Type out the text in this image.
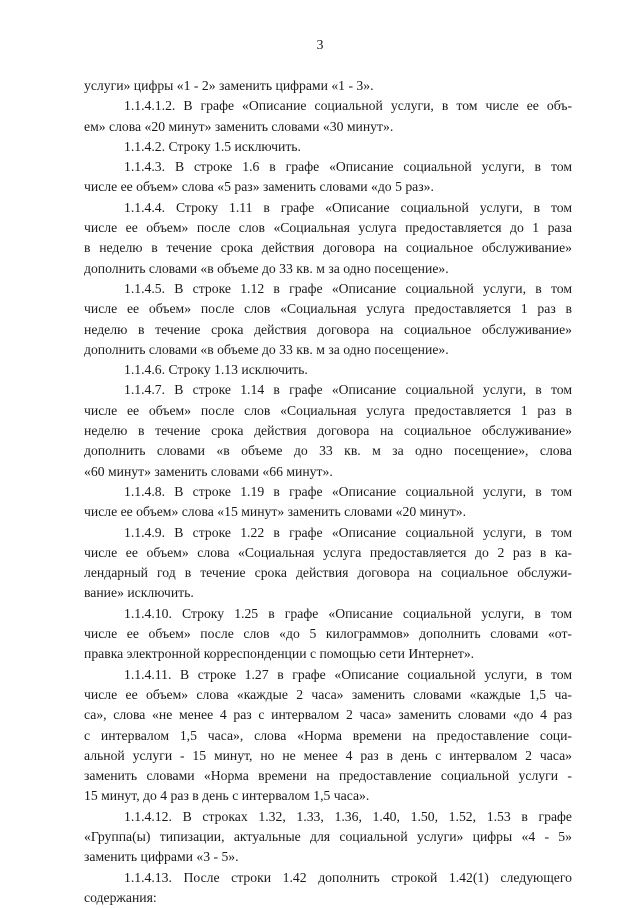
3

услуги» цифры «1 - 2» заменить цифрами «1 - 3».

1.1.4.1.2. В графе «Описание социальной услуги, в том числе ее объ-

ем» слова «20 минут» заменить словами «30 минут».

1.1.4.2. Строку 1.5 исключить.

1.1.4.3. В строке 1.6 в графе «Описание социальной услуги, в том

числе ее объем» слова «5 раз» заменить словами «до 5 раз».

1.1.4.4. Строку 1.11 в графе «Описание социальной услуги, в том

числе ее объем» после слов «Социальная услуга предоставляется до 1 раза

в неделю в течение срока действия договора на социальное обслуживание»

дополнить словами «в объеме до 33 кв. м за одно посещение».

1.1.4.5. В строке 1.12 в графе «Описание социальной услуги, в том

числе ее объем» после слов «Социальная услуга предоставляется 1 раз в

неделю в течение срока действия договора на социальное обслуживание»

дополнить словами «в объеме до 33 кв. м за одно посещение».

1.1.4.6. Строку 1.13 исключить.

1.1.4.7. В строке 1.14 в графе «Описание социальной услуги, в том

числе ее объем» после слов «Социальная услуга предоставляется 1 раз в

неделю в течение срока действия договора на социальное обслуживание»

дополнить словами «в объеме до 33 кв. м за одно посещение», слова

«60 минут» заменить словами «66 минут».

1.1.4.8. В строке 1.19 в графе «Описание социальной услуги, в том

числе ее объем» слова «15 минут» заменить словами «20 минут».

1.1.4.9. В строке 1.22 в графе «Описание социальной услуги, в том

числе ее объем» слова «Социальная услуга предоставляется до 2 раз в ка-

лендарный год в течение срока действия договора на социальное обслужи-

вание» исключить.

1.1.4.10. Строку 1.25 в графе «Описание социальной услуги, в том

числе ее объем» после слов «до 5 килограммов» дополнить словами «от-

правка электронной корреспонденции с помощью сети Интернет».

1.1.4.11. В строке 1.27 в графе «Описание социальной услуги, в том

числе ее объем» слова «каждые 2 часа» заменить словами «каждые 1,5 ча-

са», слова «не менее 4 раз с интервалом 2 часа» заменить словами «до 4 раз

с интервалом 1,5 часа», слова «Норма времени на предоставление соци-

альной услуги - 15 минут, но не менее 4 раз в день с интервалом 2 часа»

заменить словами «Норма времени на предоставление социальной услуги -

15 минут, до 4 раз в день с интервалом 1,5 часа».

1.1.4.12. В строках 1.32, 1.33, 1.36, 1.40, 1.50, 1.52, 1.53 в графе

«Группа(ы) типизации, актуальные для социальной услуги» цифры «4 - 5»

заменить цифрами «3 - 5».

1.1.4.13. После строки 1.42 дополнить строкой 1.42(1) следующего

содержания:
